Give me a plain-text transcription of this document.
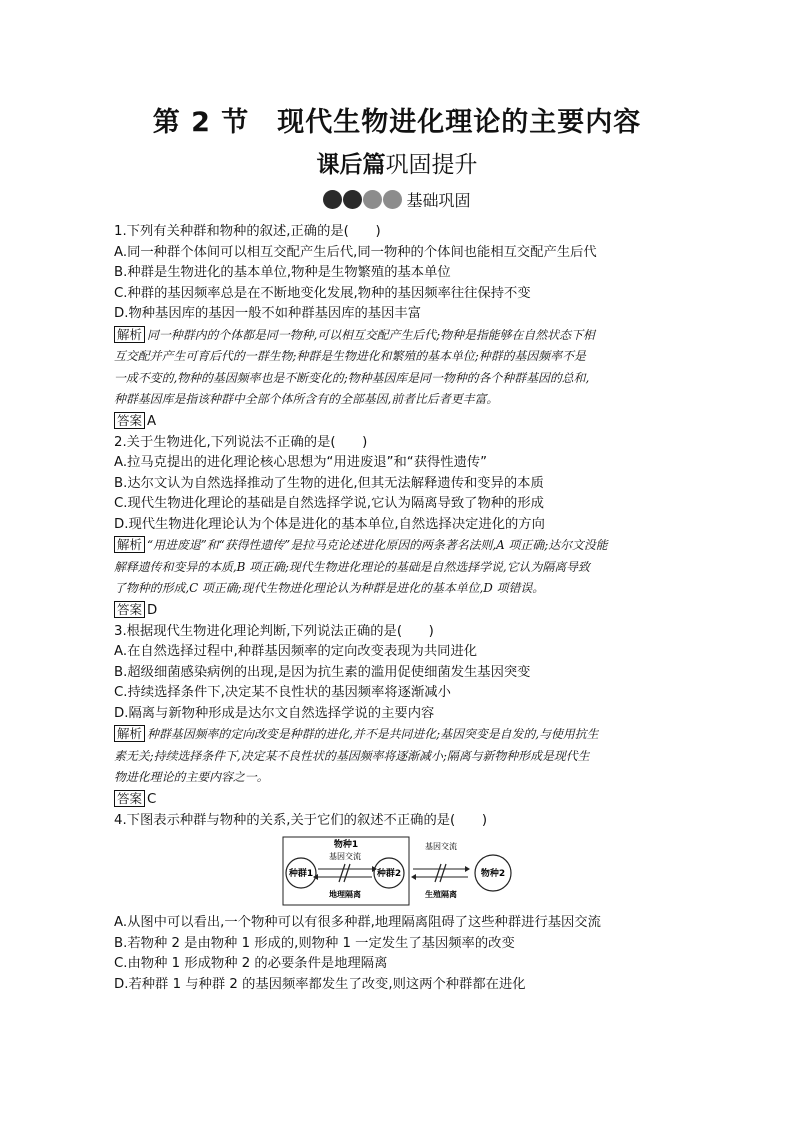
第 2 节　现代生物进化理论的主要内容
课后篇巩固提升
基础巩固
1.下列有关种群和物种的叙述,正确的是(　　)
A.同一种群个体间可以相互交配产生后代,同一物种的个体间也能相互交配产生后代
B.种群是生物进化的基本单位,物种是生物繁殖的基本单位
C.种群的基因频率总是在不断地变化发展,物种的基因频率往往保持不变
D.物种基因库的基因一般不如种群基因库的基因丰富
解析 同一种群内的个体都是同一物种,可以相互交配产生后代;物种是指能够在自然状态下相
互交配并产生可育后代的一群生物;种群是生物进化和繁殖的基本单位;种群的基因频率不是
一成不变的,物种的基因频率也是不断变化的;物种基因库是同一物种的各个种群基因的总和,
种群基因库是指该种群中全部个体所含有的全部基因,前者比后者更丰富。
答案 A
2.关于生物进化,下列说法不正确的是(　　)
A.拉马克提出的进化理论核心思想为“用进废退”和“获得性遗传”
B.达尔文认为自然选择推动了生物的进化,但其无法解释遗传和变异的本质
C.现代生物进化理论的基础是自然选择学说,它认为隔离导致了物种的形成
D.现代生物进化理论认为个体是进化的基本单位,自然选择决定进化的方向
解析 “用进废退”和“获得性遗传”是拉马克论述进化原因的两条著名法则,A 项正确;达尔文没能
解释遗传和变异的本质,B 项正确;现代生物进化理论的基础是自然选择学说,它认为隔离导致
了物种的形成,C 项正确;现代生物进化理论认为种群是进化的基本单位,D 项错误。
答案 D
3.根据现代生物进化理论判断,下列说法正确的是(　　)
A.在自然选择过程中,种群基因频率的定向改变表现为共同进化
B.超级细菌感染病例的出现,是因为抗生素的滥用促使细菌发生基因突变
C.持续选择条件下,决定某不良性状的基因频率将逐渐减小
D.隔离与新物种形成是达尔文自然选择学说的主要内容
解析 种群基因频率的定向改变是种群的进化,并不是共同进化;基因突变是自发的,与使用抗生
素无关;持续选择条件下,决定某不良性状的基因频率将逐渐减小;隔离与新物种形成是现代生
物进化理论的主要内容之一。
答案 C
4.下图表示种群与物种的关系,关于它们的叙述不正确的是(　　)
物种1
种群1	种群2
基因交流
地理隔离
基因交流
生殖隔离
物种2
A.从图中可以看出,一个物种可以有很多种群,地理隔离阻碍了这些种群进行基因交流
B.若物种 2 是由物种 1 形成的,则物种 1 一定发生了基因频率的改变
C.由物种 1 形成物种 2 的必要条件是地理隔离
D.若种群 1 与种群 2 的基因频率都发生了改变,则这两个种群都在进化
